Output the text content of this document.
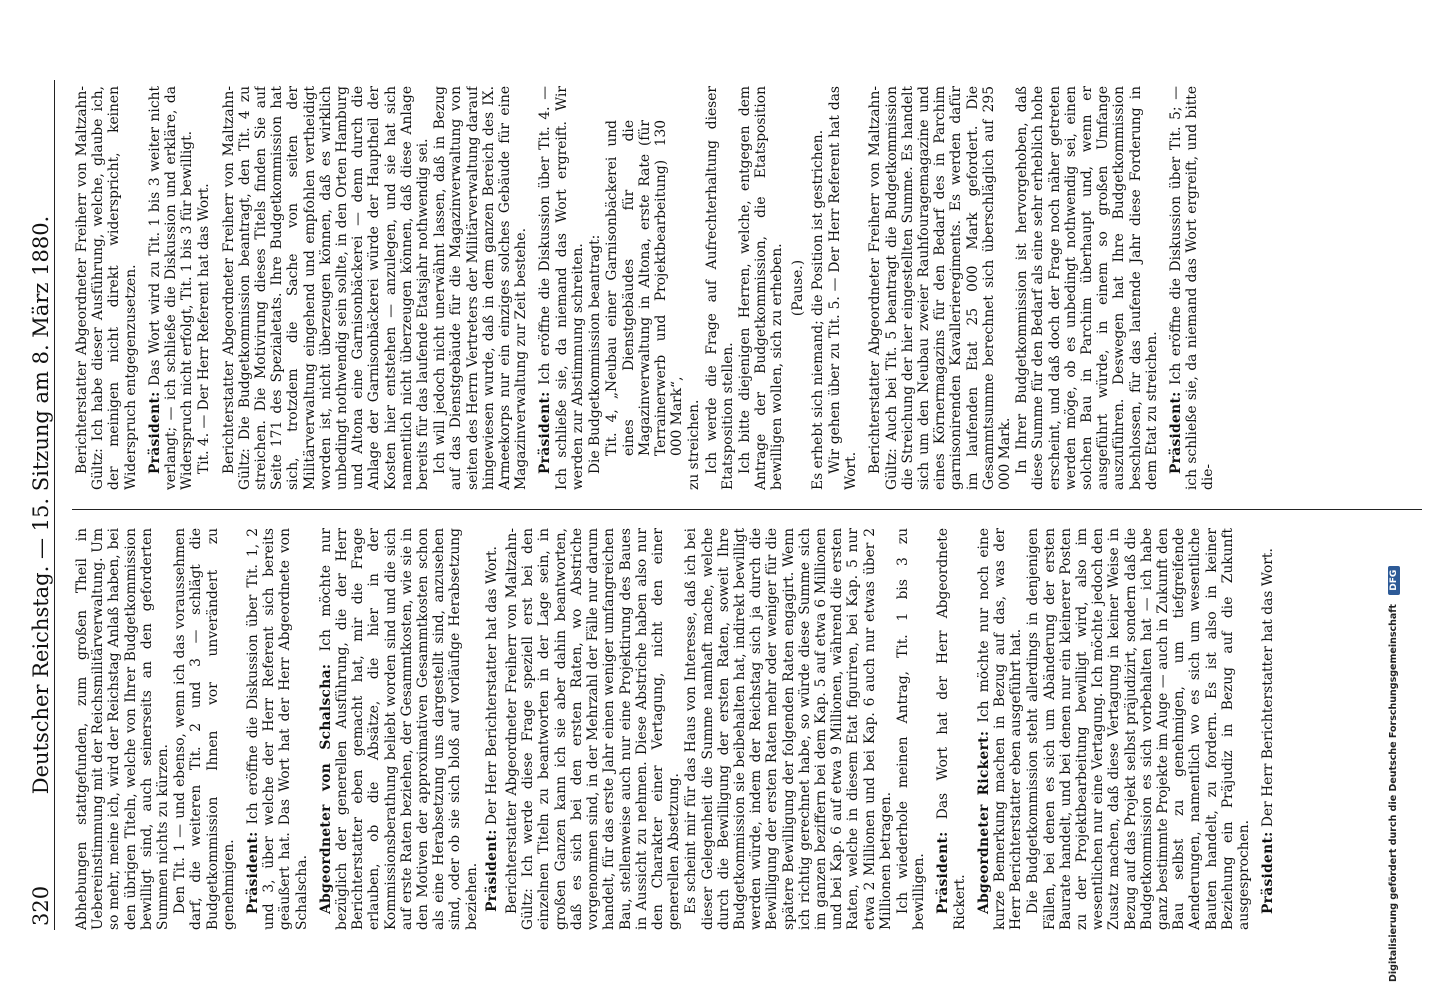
320
Deutscher Reichstag. — 15. Sitzung am 8. März 1880. Abhebungen stattgefunden, zum großen Theil in Uebereinstimmung mit der Reichsmilitärverwaltung. Um so mehr, meine ich, wird der Reichstag Anlaß haben, bei den übrigen Titeln, welche von Ihrer Budgetkommission bewilligt sind, auch seinerseits an den geforderten Summen nichts zu kürzen. Den Tit. 1 — und ebenso, wenn ich das voraussehmen darf, die weiteren Tit. 2 und 3 — schlägt die Budgetkommission Ihnen vor unverändert zu genehmigen. Präsident: Ich eröffne die Diskussion über Tit. 1, 2 und 3, über welche der Herr Referent sich bereits geäußert hat. Das Wort hat der Herr Abgeordnete von Schalscha. Abgeordneter von Schalscha: Ich möchte nur bezüglich der generellen Ausführung, die der Herr Berichterstatter eben gemacht hat, mir die Frage erlauben, ob die Absätze, die hier in der Kommissionsberathung beliebt worden sind und die sich auf erste Raten beziehen, der Gesammtkosten, wie sie in den Motiven der approximativen Gesammtkosten schon als eine Herabsetzung uns dargestellt sind, anzusehen sind, oder ob sie sich bloß auf vorläufige Herabsetzung beziehen. Präsident: Der Herr Berichterstatter hat das Wort. Berichterstatter Abgeordneter Freiherr von Maltzahn-Gültz: Ich werde diese Frage speziell erst bei den einzelnen Titeln zu beantworten in der Lage sein, in großen Ganzen kann ich sie aber dahin beantworten, daß es sich bei den ersten Raten, wo Abstriche vorgenommen sind, in der Mehrzahl der Fälle nur darum handelt, für das erste Jahr einen weniger umfangreichen Bau, stellenweise auch nur eine Projektirung des Baues in Aussicht zu nehmen. Diese Abstriche haben also nur den Charakter einer Vertagung, nicht den einer generellen Absetzung. Es scheint mir für das Haus von Interesse, daß ich bei dieser Gelegenheit die Summe namhaft mache, welche durch die Bewilligung der ersten Raten, soweit Ihre Budgetkommission sie beibehalten hat, indirekt bewilligt werden würde, indem der Reichstag sich ja durch die Bewilligung der ersten Raten mehr oder weniger für die spätere Bewilligung der folgenden Raten engagirt. Wenn ich richtig gerechnet habe, so würde diese Summe sich im ganzen beziffern bei dem Kap. 5 auf etwa 6 Millionen und bei Kap. 6 auf etwa 9 Millionen, während die ersten Raten, welche in diesem Etat figuriren, bei Kap. 5 nur etwa 2 Millionen und bei Kap. 6 auch nur etwas über 2 Millionen betragen. Ich wiederhole meinen Antrag, Tit. 1 bis 3 zu bewilligen. Präsident: Das Wort hat der Herr Abgeordnete Rickert. Abgeordneter Rickert: Ich möchte nur noch eine kurze Bemerkung machen in Bezug auf das, was der Herr Berichterstatter eben ausgeführt hat. Die Budgetkommission steht allerdings in denjenigen Fällen, bei denen es sich um Abänderung der ersten Baurate handelt, und bei denen nur ein kleinerer Posten zu der Projektbearbeitung bewilligt wird, also im wesentlichen nur eine Vertagung. Ich möchte jedoch den Zusatz machen, daß diese Vertagung in keiner Weise in Bezug auf das Projekt selbst präjudizirt, sondern daß die Budgetkommission es sich vorbehalten hat — ich habe ganz bestimmte Projekte im Auge — auch in Zukunft den Bau selbst zu genehmigen, um tiefgreifende Aenderungen, namentlich wo es sich um wesentliche Bauten handelt, zu fordern. Es ist also in keiner Beziehung ein Präjudiz in Bezug auf die Zukunft ausgesprochen. Präsident: Der Herr Berichterstatter hat das Wort.

Berichterstatter Abgeordneter Freiherr von Maltzahn-Gültz: Ich habe dieser Ausführung, welche, glaube ich, der meinigen nicht direkt widerspricht, keinen Widerspruch entgegenzusetzen. Präsident: Das Wort wird zu Tit. 1 bis 3 weiter nicht verlangt; — ich schließe die Diskussion und erkläre, da Widerspruch nicht erfolgt, Tit. 1 bis 3 für bewilligt. Tit. 4. — Der Herr Referent hat das Wort. Berichterstatter Abgeordneter Freiherr von Maltzahn-Gültz: Die Budgetkommission beantragt, den Tit. 4 zu streichen. Die Motivirung dieses Titels finden Sie auf Seite 171 des Spezialetats. Ihre Budgetkommission hat sich, trotzdem die Sache von seiten der Militärverwaltung eingehend und empfohlen vertheidigt worden ist, nicht überzeugen können, daß es wirklich unbedingt nothwendig sein sollte, in den Orten Hamburg und Altona eine Garnisonbäckerei — denn durch die Anlage der Garnisonbäckerei würde der Hauptheil der Kosten hier entstehen — anzulegen, und sie hat sich namentlich nicht überzeugen können, daß diese Anlage bereits für das laufende Etatsjahr nothwendig sei. Ich will jedoch nicht unerwähnt lassen, daß in Bezug auf das Dienstgebäude für die Magazinverwaltung von seiten des Herrn Vertreters der Militärverwaltung darauf hingewiesen wurde, daß in dem ganzen Bereich des IX. Armeekorps nur ein einziges solches Gebäude für eine Magazinverwaltung zur Zeit bestehe. Präsident: Ich eröffne die Diskussion über Tit. 4. — Ich schließe sie, da niemand das Wort ergreift. Wir werden zur Abstimmung schreiten. Die Budgetkommission beantragt: Tit. 4, „Neubau einer Garnisonbäckerei und eines Dienstgebäudes für die Magazinverwaltung in Altona, erste Rate (für Terrainerwerb und Projektbearbeitung) 130 000 Mark“, zu streichen. Ich werde die Frage auf Aufrechterhaltung dieser Etatsposition stellen. Ich bitte diejenigen Herren, welche, entgegen dem Antrage der Budgetkommission, die Etatsposition bewilligen wollen, sich zu erheben. (Pause.) Es erhebt sich niemand; die Position ist gestrichen. Wir gehen über zu Tit. 5. — Der Herr Referent hat das Wort. Berichterstatter Abgeordneter Freiherr von Maltzahn-Gültz: Auch bei Tit. 5 beantragt die Budgetkommission die Streichung der hier eingestellten Summe. Es handelt sich um den Neubau zweier Rauhfouragemagazine und eines Körnermagazins für den Bedarf des in Parchim garnisonirenden Kavallerieregiments. Es werden dafür im laufenden Etat 25 000 Mark gefordert. Die Gesammtsumme berechnet sich überschläglich auf 295 000 Mark. In Ihrer Budgetkommission ist hervorgehoben, daß diese Summe für den Bedarf als eine sehr erheblich hohe erscheint, und daß doch der Frage noch näher getreten werden möge, ob es unbedingt nothwendig sei, einen solchen Bau in Parchim überhaupt und, wenn er ausgeführt würde, in einem so großen Umfange auszuführen. Deswegen hat Ihre Budgetkommission beschlossen, für das laufende Jahr diese Forderung in dem Etat zu streichen. Präsident: Ich eröffne die Diskussion über Tit. 5; — ich schließe sie, da niemand das Wort ergreift, und bitte die-

Digitalisierung gefördert durch die Deutsche Forschungsgemeinschaft DFG
